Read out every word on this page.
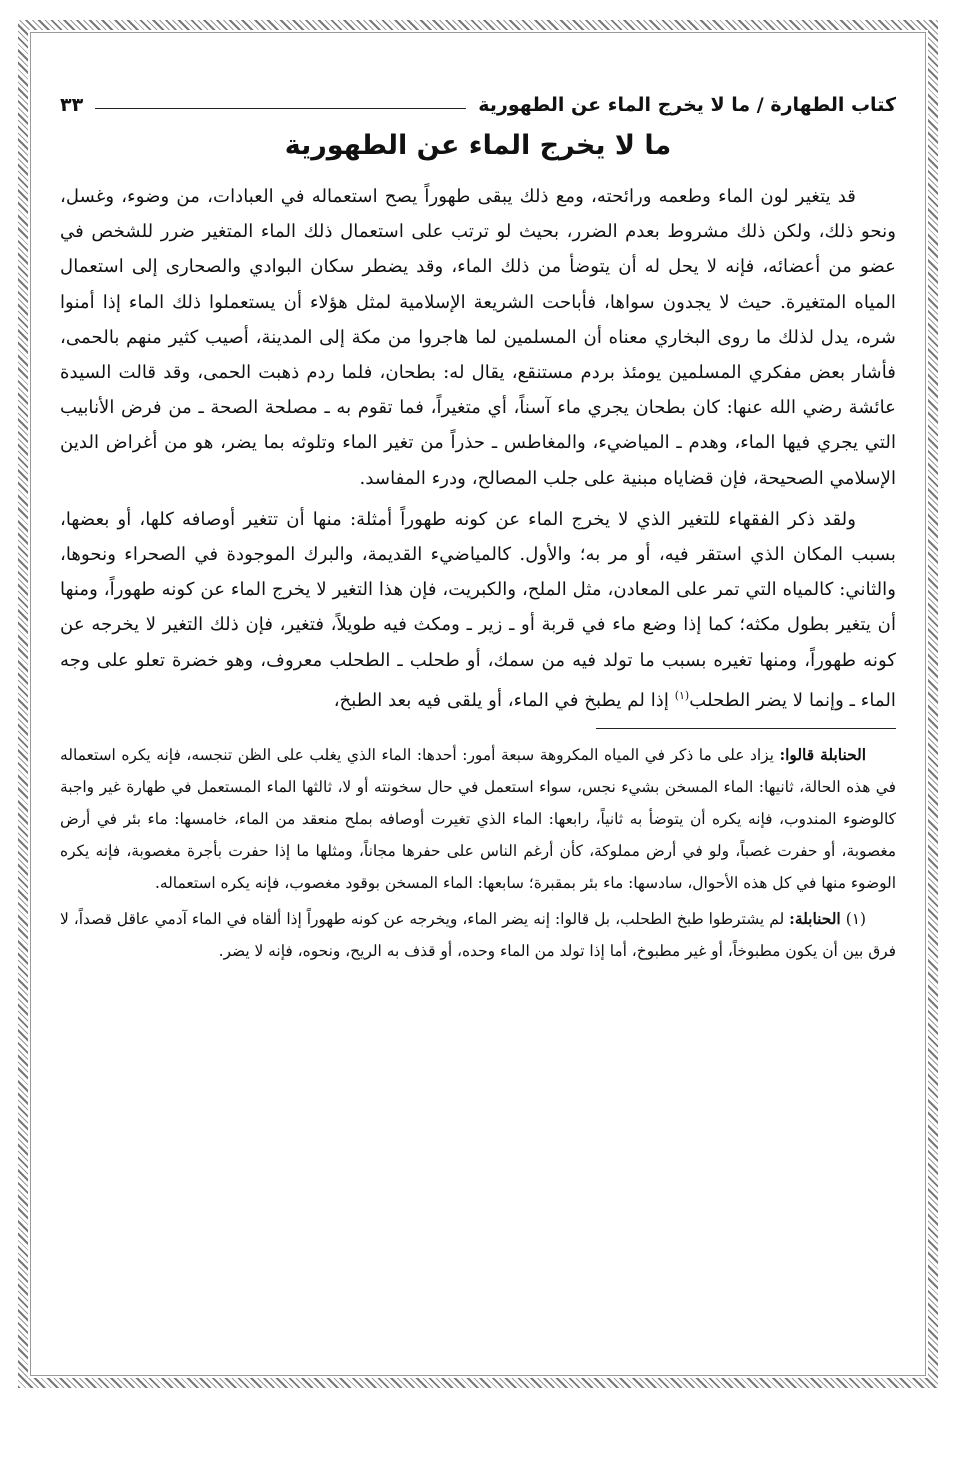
كتاب الطهارة / ما لا يخرج الماء عن الطهورية
٣٣
ما لا يخرج الماء عن الطهورية

قد يتغير لون الماء وطعمه ورائحته، ومع ذلك يبقى طهوراً يصح استعماله في العبادات، من وضوء، وغسل، ونحو ذلك، ولكن ذلك مشروط بعدم الضرر، بحيث لو ترتب على استعمال ذلك الماء المتغير ضرر للشخص في عضو من أعضائه، فإنه لا يحل له أن يتوضأ من ذلك الماء، وقد يضطر سكان البوادي والصحارى إلى استعمال المياه المتغيرة. حيث لا يجدون سواها، فأباحت الشريعة الإسلامية لمثل هؤلاء أن يستعملوا ذلك الماء إذا أمنوا شره، يدل لذلك ما روى البخاري معناه أن المسلمين لما هاجروا من مكة إلى المدينة، أصيب كثير منهم بالحمى، فأشار بعض مفكري المسلمين يومئذ بردم مستنقع، يقال له: بطحان، فلما ردم ذهبت الحمى، وقد قالت السيدة عائشة رضي الله عنها: كان بطحان يجري ماء آسناً، أي متغيراً، فما تقوم به ـ مصلحة الصحة ـ من فرض الأنابيب التي يجري فيها الماء، وهدم ـ المياضيء، والمغاطس ـ حذراً من تغير الماء وتلوثه بما يضر، هو من أغراض الدين الإسلامي الصحيحة، فإن قضاياه مبنية على جلب المصالح، ودرء المفاسد.

ولقد ذكر الفقهاء للتغير الذي لا يخرج الماء عن كونه طهوراً أمثلة: منها أن تتغير أوصافه كلها، أو بعضها، بسبب المكان الذي استقر فيه، أو مر به؛ والأول. كالمياضيء القديمة، والبرك الموجودة في الصحراء ونحوها، والثاني: كالمياه التي تمر على المعادن، مثل الملح، والكبريت، فإن هذا التغير لا يخرج الماء عن كونه طهوراً، ومنها أن يتغير بطول مكثه؛ كما إذا وضع ماء في قربة أو ـ زير ـ ومكث فيه طويلاً، فتغير، فإن ذلك التغير لا يخرجه عن كونه طهوراً، ومنها تغيره بسبب ما تولد فيه من سمك، أو طحلب ـ الطحلب معروف، وهو خضرة تعلو على وجه الماء ـ وإنما لا يضر الطحلب$^{(١)}$ إذا لم يطبخ في الماء، أو يلقى فيه بعد الطبخ،

الحنابلة قالوا: يزاد على ما ذكر في المياه المكروهة سبعة أمور: أحدها: الماء الذي يغلب على الظن تنجسه، فإنه يكره استعماله في هذه الحالة، ثانيها: الماء المسخن بشيء نجس، سواء استعمل في حال سخونته أو لا، ثالثها الماء المستعمل في طهارة غير واجبة كالوضوء المندوب، فإنه يكره أن يتوضأ به ثانياً، رابعها: الماء الذي تغيرت أوصافه بملح منعقد من الماء، خامسها: ماء بئر في أرض مغصوبة، أو حفرت غصباً، ولو في أرض مملوكة، كأن أرغم الناس على حفرها مجاناً، ومثلها ما إذا حفرت بأجرة مغصوبة، فإنه يكره الوضوء منها في كل هذه الأحوال، سادسها: ماء بئر بمقبرة؛ سابعها: الماء المسخن بوقود مغصوب، فإنه يكره استعماله.

(١) الحنابلة: لم يشترطوا طبخ الطحلب، بل قالوا: إنه يضر الماء، ويخرجه عن كونه طهوراً إذا ألقاه في الماء آدمي عاقل قصداً، لا فرق بين أن يكون مطبوخاً، أو غير مطبوخ، أما إذا تولد من الماء وحده، أو قذف به الريح، ونحوه، فإنه لا يضر.
